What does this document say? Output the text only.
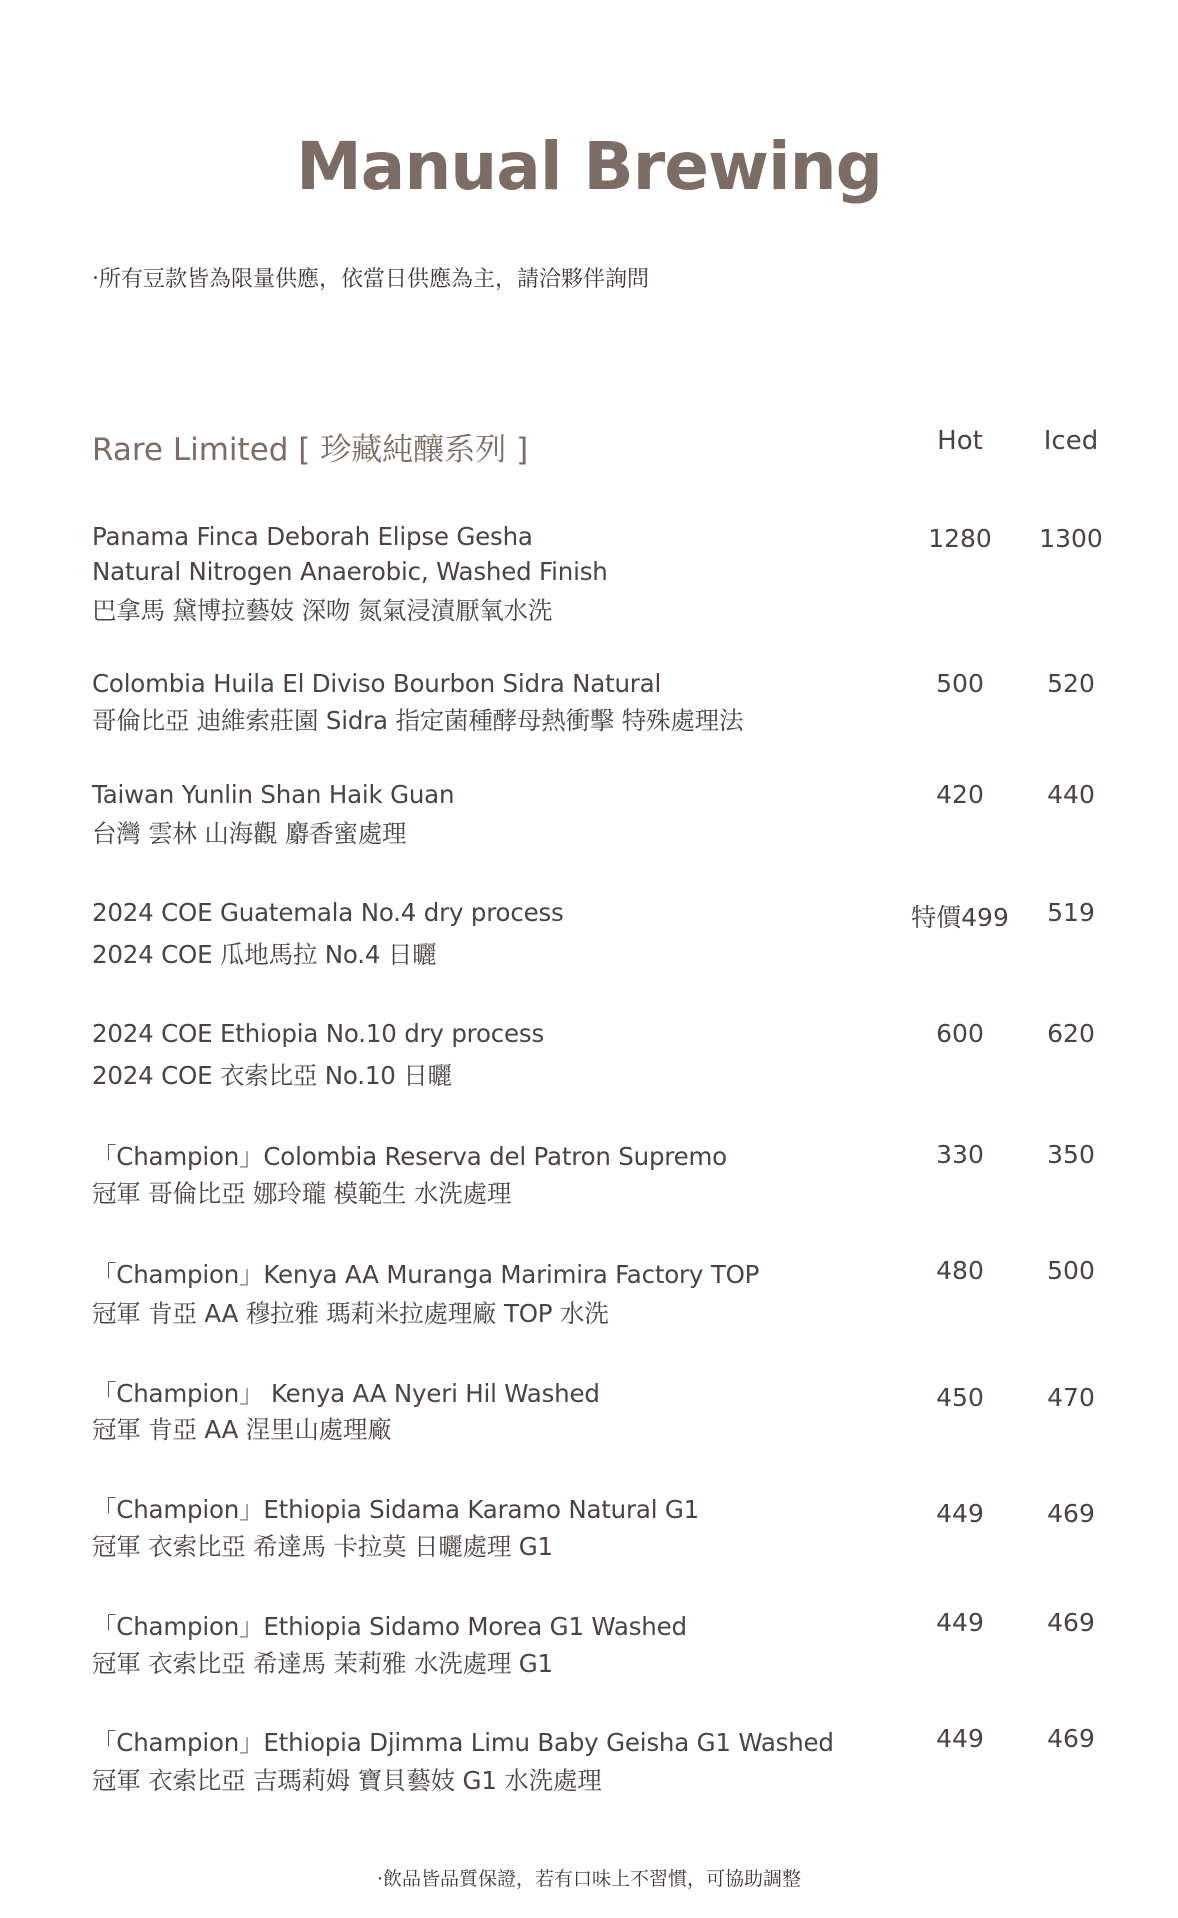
Manual Brewing
‧所有豆款皆為限量供應，依當日供應為主，請洽夥伴詢問
Rare Limited [ 珍藏純釀系列 ]	Hot	Iced
Panama Finca Deborah Elipse Gesha
Natural Nitrogen Anaerobic, Washed Finish
巴拿馬 黛博拉藝妓 深吻 氮氣浸漬厭氧水洗
1280	1300
Colombia Huila El Diviso Bourbon Sidra Natural
哥倫比亞 迪維索莊園 Sidra 指定菌種酵母熱衝擊 特殊處理法
500	520
Taiwan Yunlin Shan Haik Guan
台灣 雲林 山海觀 麝香蜜處理
420	440
2024 COE Guatemala No.4 dry process
2024 COE 瓜地馬拉 No.4 日曬
特價499	519
2024 COE Ethiopia No.10 dry process
2024 COE 衣索比亞 No.10 日曬
600	620
「Champion」Colombia Reserva del Patron Supremo
冠軍 哥倫比亞 娜玲瓏 模範生 水洗處理
330	350
「Champion」Kenya AA Muranga Marimira Factory TOP
冠軍 肯亞 AA 穆拉雅 瑪莉米拉處理廠 TOP 水洗
480	500
「Champion」 Kenya AA Nyeri Hil Washed
冠軍 肯亞 AA 涅里山處理廠
450	470
「Champion」Ethiopia Sidama Karamo Natural G1
冠軍 衣索比亞 希達馬 卡拉莫 日曬處理 G1
449	469
「Champion」Ethiopia Sidamo Morea G1 Washed
冠軍 衣索比亞 希達馬 茉莉雅 水洗處理 G1
449	469
「Champion」Ethiopia Djimma Limu Baby Geisha G1 Washed
冠軍 衣索比亞 吉瑪莉姆 寶貝藝妓 G1 水洗處理
449	469
‧飲品皆品質保證，若有口味上不習慣，可協助調整
